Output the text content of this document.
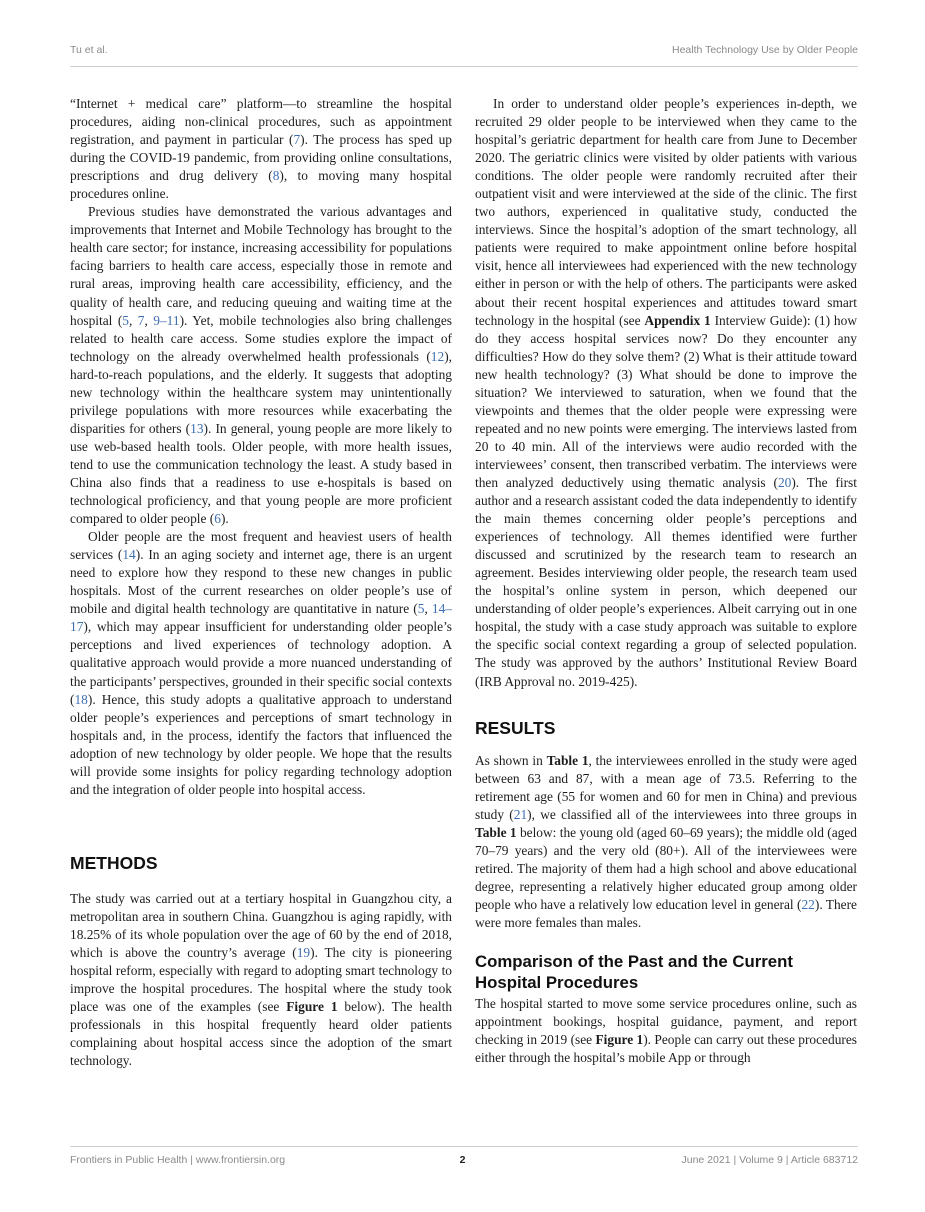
Tu et al.	Health Technology Use by Older People

“Internet + medical care” platform—to streamline the hospital procedures, aiding non-clinical procedures, such as appointment registration, and payment in particular (7). The process has sped up during the COVID-19 pandemic, from providing online consultations, prescriptions and drug delivery (8), to moving many hospital procedures online.

Previous studies have demonstrated the various advantages and improvements that Internet and Mobile Technology has brought to the health care sector; for instance, increasing accessibility for populations facing barriers to health care access, especially those in remote and rural areas, improving health care accessibility, efficiency, and the quality of health care, and reducing queuing and waiting time at the hospital (5, 7, 9–11). Yet, mobile technologies also bring challenges related to health care access. Some studies explore the impact of technology on the already overwhelmed health professionals (12), hard-to-reach populations, and the elderly. It suggests that adopting new technology within the healthcare system may unintentionally privilege populations with more resources while exacerbating the disparities for others (13). In general, young people are more likely to use web-based health tools. Older people, with more health issues, tend to use the communication technology the least. A study based in China also finds that a readiness to use e-hospitals is based on technological proficiency, and that young people are more proficient compared to older people (6).

Older people are the most frequent and heaviest users of health services (14). In an aging society and internet age, there is an urgent need to explore how they respond to these new changes in public hospitals. Most of the current researches on older people’s use of mobile and digital health technology are quantitative in nature (5, 14–17), which may appear insufficient for understanding older people’s perceptions and lived experiences of technology adoption. A qualitative approach would provide a more nuanced understanding of the participants’ perspectives, grounded in their specific social contexts (18). Hence, this study adopts a qualitative approach to understand older people’s experiences and perceptions of smart technology in hospitals and, in the process, identify the factors that influenced the adoption of new technology by older people. We hope that the results will provide some insights for policy regarding technology adoption and the integration of older people into hospital access.

METHODS

The study was carried out at a tertiary hospital in Guangzhou city, a metropolitan area in southern China. Guangzhou is aging rapidly, with 18.25% of its whole population over the age of 60 by the end of 2018, which is above the country’s average (19). The city is pioneering hospital reform, especially with regard to adopting smart technology to improve the hospital procedures. The hospital where the study took place was one of the examples (see Figure 1 below). The health professionals in this hospital frequently heard older patients complaining about hospital access since the adoption of the smart technology.

In order to understand older people’s experiences in-depth, we recruited 29 older people to be interviewed when they came to the hospital’s geriatric department for health care from June to December 2020. The geriatric clinics were visited by older patients with various conditions. The older people were randomly recruited after their outpatient visit and were interviewed at the side of the clinic. The first two authors, experienced in qualitative study, conducted the interviews. Since the hospital’s adoption of the smart technology, all patients were required to make appointment online before hospital visit, hence all interviewees had experienced with the new technology either in person or with the help of others. The participants were asked about their recent hospital experiences and attitudes toward smart technology in the hospital (see Appendix 1 Interview Guide): (1) how do they access hospital services now? Do they encounter any difficulties? How do they solve them? (2) What is their attitude toward new health technology? (3) What should be done to improve the situation? We interviewed to saturation, when we found that the viewpoints and themes that the older people were expressing were repeated and no new points were emerging. The interviews lasted from 20 to 40 min. All of the interviews were audio recorded with the interviewees’ consent, then transcribed verbatim. The interviews were then analyzed deductively using thematic analysis (20). The first author and a research assistant coded the data independently to identify the main themes concerning older people’s perceptions and experiences of technology. All themes identified were further discussed and scrutinized by the research team to research an agreement. Besides interviewing older people, the research team used the hospital’s online system in person, which deepened our understanding of older people’s experiences. Albeit carrying out in one hospital, the study with a case study approach was suitable to explore the specific social context regarding a group of selected population. The study was approved by the authors’ Institutional Review Board (IRB Approval no. 2019-425).

RESULTS

As shown in Table 1, the interviewees enrolled in the study were aged between 63 and 87, with a mean age of 73.5. Referring to the retirement age (55 for women and 60 for men in China) and previous study (21), we classified all of the interviewees into three groups in Table 1 below: the young old (aged 60–69 years); the middle old (aged 70–79 years) and the very old (80+). All of the interviewees were retired. The majority of them had a high school and above educational degree, representing a relatively higher educated group among older people who have a relatively low education level in general (22). There were more females than males.

Comparison of the Past and the Current Hospital Procedures

The hospital started to move some service procedures online, such as appointment bookings, hospital guidance, payment, and report checking in 2019 (see Figure 1). People can carry out these procedures either through the hospital’s mobile App or through

Frontiers in Public Health | www.frontiersin.org	2	June 2021 | Volume 9 | Article 683712
